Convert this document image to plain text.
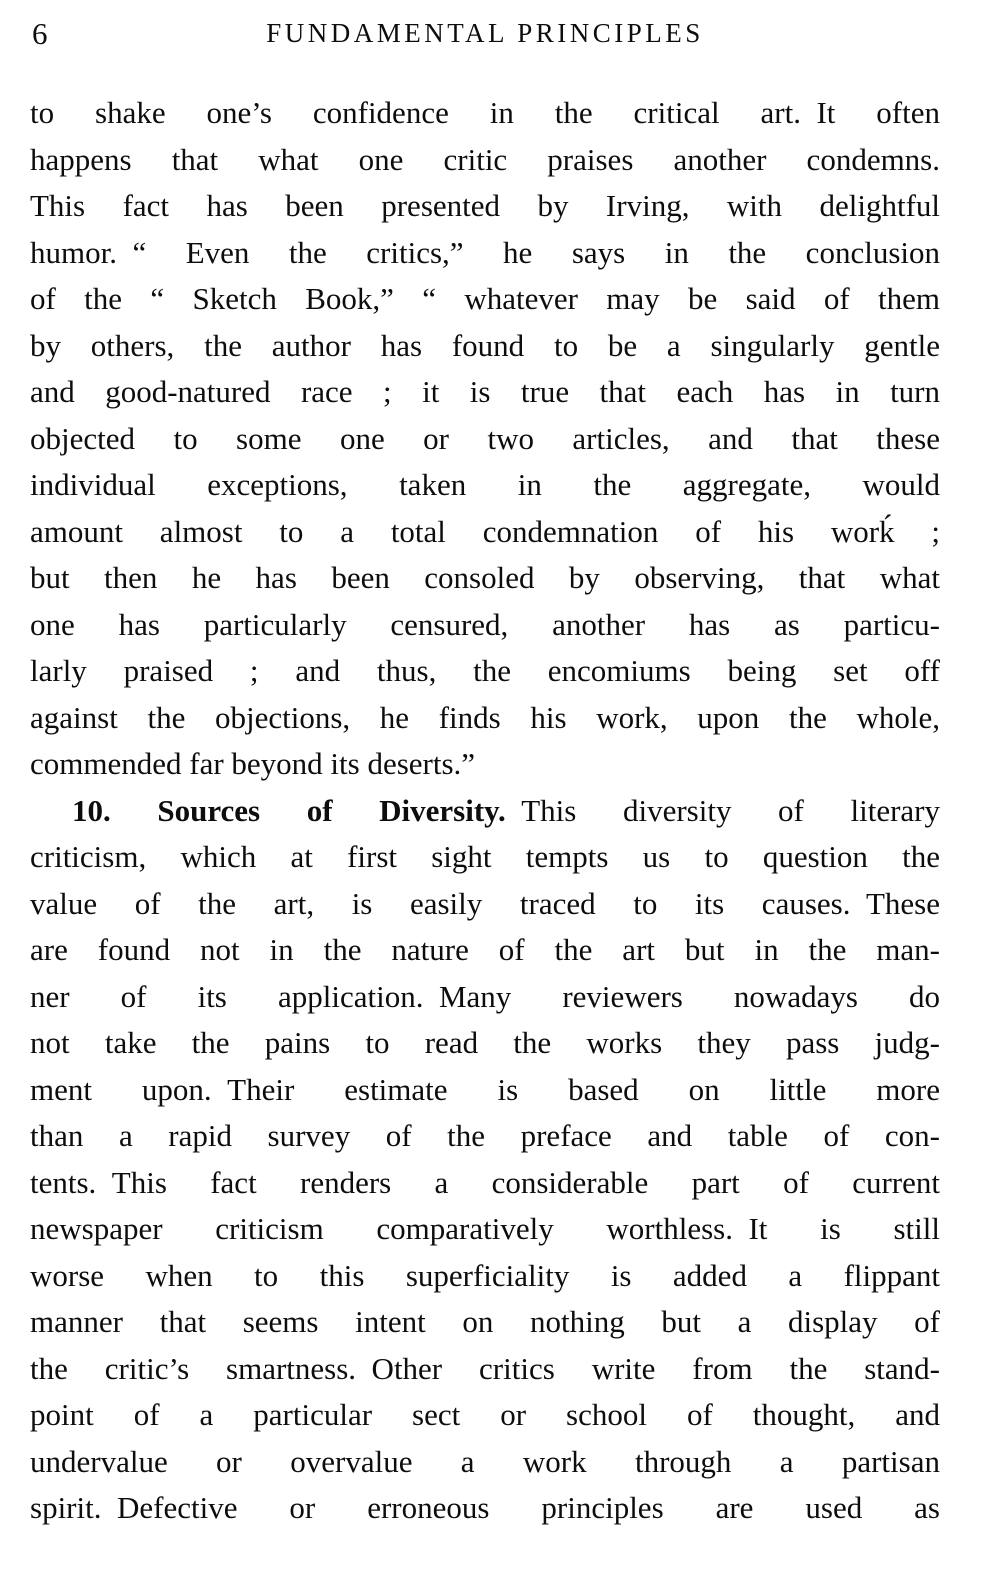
6	FUNDAMENTAL PRINCIPLES
to shake one’s confidence in the critical art. It often
happens that what one critic praises another condemns.
This fact has been presented by Irving, with delightful
humor. “ Even the critics,” he says in the conclusion
of the “ Sketch Book,” “ whatever may be said of them
by others, the author has found to be a singularly gentle
and good-natured race ; it is true that each has in turn
objected to some one or two articles, and that these
individual exceptions, taken in the aggregate, would
amount almost to a total condemnation of his worḱ ;
but then he has been consoled by observing, that what
one has particularly censured, another has as particu-
larly praised ; and thus, the encomiums being set off
against the objections, he finds his work, upon the whole,
commended far beyond its deserts.”
10. Sources of Diversity. This diversity of literary
criticism, which at first sight tempts us to question the
value of the art, is easily traced to its causes. These
are found not in the nature of the art but in the man-
ner of its application. Many reviewers nowadays do
not take the pains to read the works they pass judg-
ment upon. Their estimate is based on little more
than a rapid survey of the preface and table of con-
tents. This fact renders a considerable part of current
newspaper criticism comparatively worthless. It is still
worse when to this superficiality is added a flippant
manner that seems intent on nothing but a display of
the critic’s smartness. Other critics write from the stand-
point of a particular sect or school of thought, and
undervalue or overvalue a work through a partisan
spirit. Defective or erroneous principles are used as
